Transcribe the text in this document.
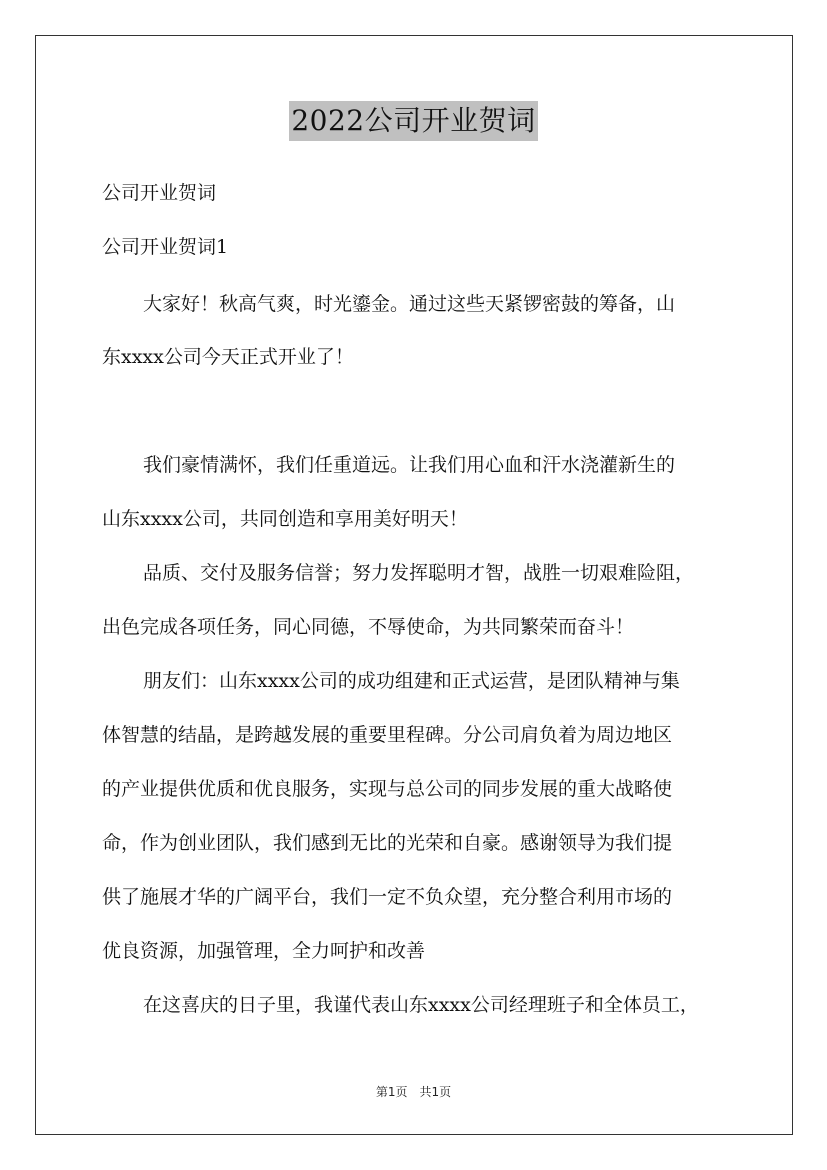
2022公司开业贺词

公司开业贺词

公司开业贺词1

大家好！秋高气爽，时光鎏金。通过这些天紧锣密鼓的筹备，山

东xxxx公司今天正式开业了！

我们豪情满怀，我们任重道远。让我们用心血和汗水浇灌新生的

山东xxxx公司，共同创造和享用美好明天！

品质、交付及服务信誉；努力发挥聪明才智，战胜一切艰难险阻，

出色完成各项任务，同心同德，不辱使命，为共同繁荣而奋斗！

朋友们：山东xxxx公司的成功组建和正式运营，是团队精神与集

体智慧的结晶，是跨越发展的重要里程碑。分公司肩负着为周边地区

的产业提供优质和优良服务，实现与总公司的同步发展的重大战略使

命，作为创业团队，我们感到无比的光荣和自豪。感谢领导为我们提

供了施展才华的广阔平台，我们一定不负众望，充分整合利用市场的

优良资源，加强管理，全力呵护和改善

在这喜庆的日子里，我谨代表山东xxxx公司经理班子和全体员工，

第1页　共1页
